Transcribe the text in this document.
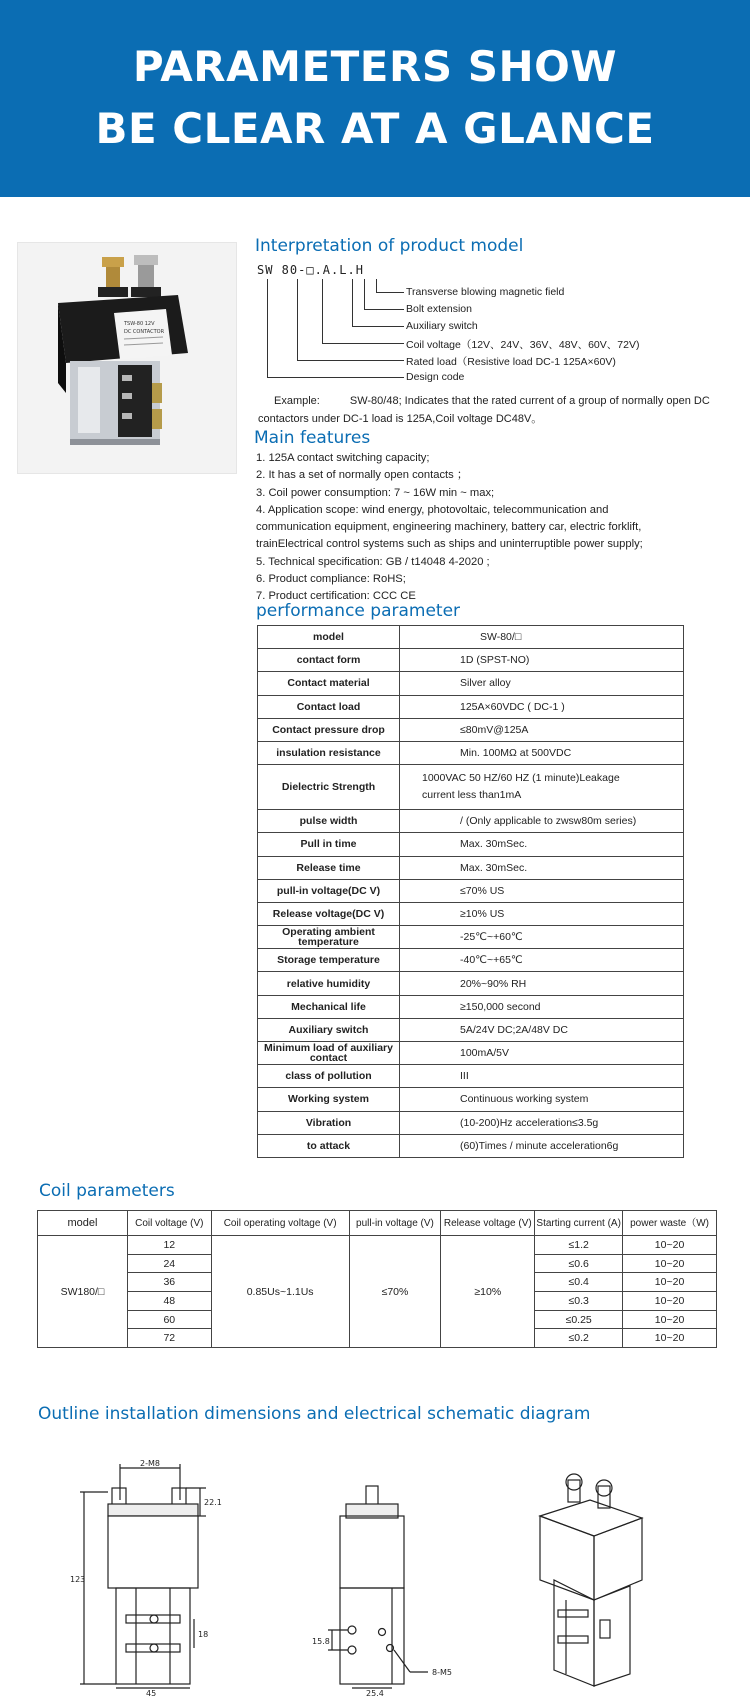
PARAMETERS SHOW
BE CLEAR AT A GLANCE
TSW-80 12V
DC CONTACTOR
Interpretation of product model
SW 80-□.A.L.H
Transverse blowing magnetic field
Bolt extension
Auxiliary switch
Coil voltage（12V、24V、36V、48V、60V、72V)
Rated load（Resistive load DC-1 125A×60V)
Design code
Example:	SW-80/48; Indicates that the rated current of a group of normally open DC
contactors under DC-1 load is 125A,Coil voltage DC48V。
Main features
1. 125A contact switching capacity;
2. It has a set of normally open contacts ；
3. Coil power consumption: 7 ~ 16W min ~ max;
4. Application scope: wind energy, photovoltaic, telecommunication and
communication equipment, engineering machinery, battery car, electric forklift,
trainElectrical control systems such as ships and uninterruptible power supply;
5. Technical specification: GB / t14048 4-2020 ;
6. Product compliance: RoHS;
7. Product certification: CCC CE
performance parameter
model	SW-80/□
contact form	1D (SPST-NO)
Contact material	Silver alloy
Contact load	125A×60VDC ( DC-1 )
Contact pressure drop	≤80mV@125A
insulation resistance	Min. 100MΩ at 500VDC
Dielectric Strength	1000VAC 50 HZ/60 HZ (1 minute)Leakage
current less than1mA

pulse width	/ (Only applicable to zwsw80m series)
Pull in time	Max. 30mSec.
Release time	Max. 30mSec.
pull-in voltage(DC V)	≤70% US
Release voltage(DC V)	≥10% US
Operating ambient temperature	-25℃~+60℃
Storage temperature	-40℃~+65℃
relative humidity	20%~90% RH
Mechanical life	≥150,000 second
Auxiliary switch	5A/24V DC;2A/48V DC
Minimum load of auxiliary contact	100mA/5V
class of pollution	III
Working system	Continuous working system
Vibration	(10-200)Hz acceleration≤3.5g
to attack	(60)Times / minute acceleration6g
Coil parameters
model	Coil voltage (V)	Coil operating voltage (V)	pull-in voltage (V)	Release voltage (V)	Starting current (A)	power waste（W)
SW180/□	12	0.85Us~1.1Us	≤70%	≥10%	≤1.2	10~20
	24				≤0.6	10~20
	36				≤0.4	10~20
	48				≤0.3	10~20
	60				≤0.25	10~20
	72				≤0.2	10~20
Outline installation dimensions and electrical schematic diagram
2-M8
22.1
123
18
45
15.8
8-M5
25.4
